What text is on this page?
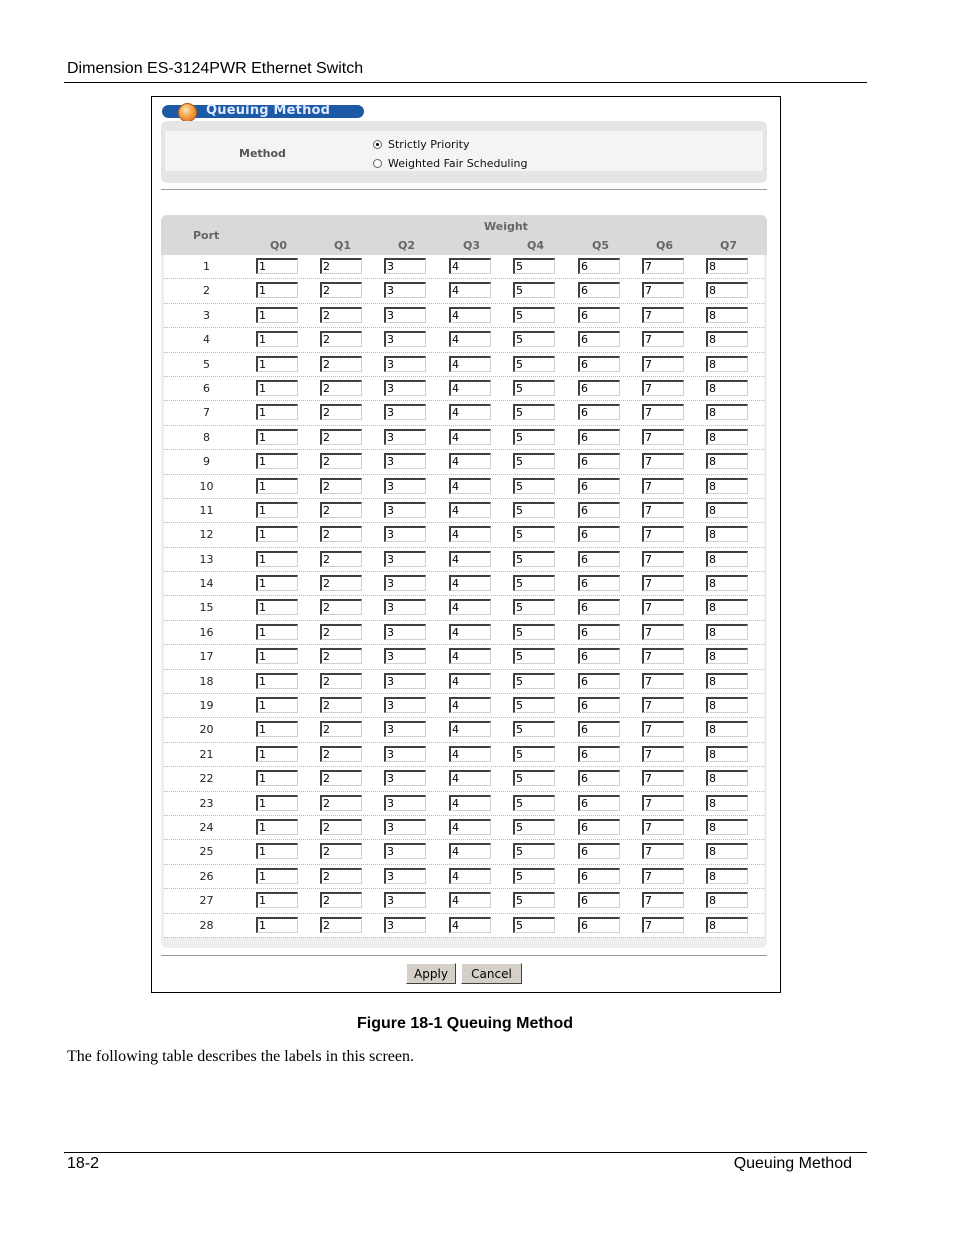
Dimension ES-3124PWR Ethernet Switch
Queuing Method
Method
Strictly Priority
Weighted Fair Scheduling
Port
Weight
Q0	Q1	Q2	Q3	Q4	Q5	Q6	Q7
1	1	2	3	4	5	6	7	8
2	1	2	3	4	5	6	7	8
3	1	2	3	4	5	6	7	8
4	1	2	3	4	5	6	7	8
5	1	2	3	4	5	6	7	8
6	1	2	3	4	5	6	7	8
7	1	2	3	4	5	6	7	8
8	1	2	3	4	5	6	7	8
9	1	2	3	4	5	6	7	8
10	1	2	3	4	5	6	7	8
11	1	2	3	4	5	6	7	8
12	1	2	3	4	5	6	7	8
13	1	2	3	4	5	6	7	8
14	1	2	3	4	5	6	7	8
15	1	2	3	4	5	6	7	8
16	1	2	3	4	5	6	7	8
17	1	2	3	4	5	6	7	8
18	1	2	3	4	5	6	7	8
19	1	2	3	4	5	6	7	8
20	1	2	3	4	5	6	7	8
21	1	2	3	4	5	6	7	8
22	1	2	3	4	5	6	7	8
23	1	2	3	4	5	6	7	8
24	1	2	3	4	5	6	7	8
25	1	2	3	4	5	6	7	8
26	1	2	3	4	5	6	7	8
27	1	2	3	4	5	6	7	8
28	1	2	3	4	5	6	7	8
Apply	Cancel
Figure 18-1 Queuing Method
The following table describes the labels in this screen.
18-2	Queuing Method
